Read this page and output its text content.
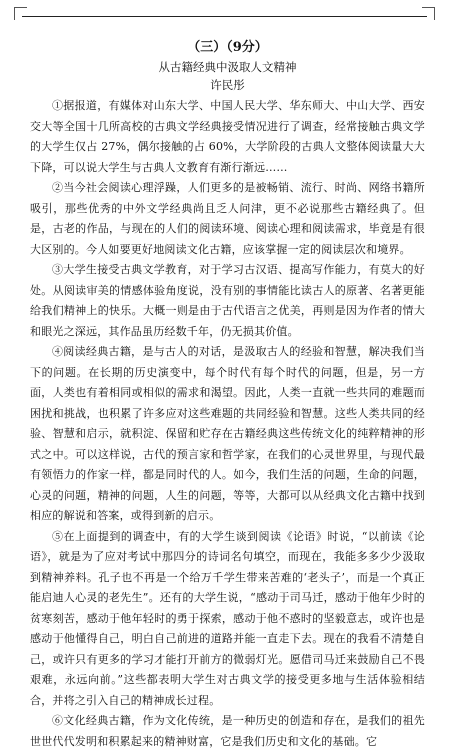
（三）（9分）

从古籍经典中汲取人文精神

许民彤

①据报道，有媒体对山东大学、中国人民大学、华东师大、中山大学、西安交大等全国十几所高校的古典文学经典接受情况进行了调查，经常接触古典文学的大学生仅占 27%，偶尔接触的占 60%，大学阶段的古典人文整体阅读量大大下降，可以说大学生与古典人文教育有渐行渐远……

②当今社会阅读心理浮躁，人们更多的是被畅销、流行、时尚、网络书籍所吸引，那些优秀的中外文学经典尚且乏人问津，更不必说那些古籍经典了。但是，古老的作品，与现在的人们的阅读环境、阅读心理和阅读需求，毕竟是有很大区别的。今人如要更好地阅读文化古籍，应该掌握一定的阅读层次和境界。

③大学生接受古典文学教育，对于学习古汉语、提高写作能力，有莫大的好处。从阅读审美的情感体验角度说，没有别的事情能比读古人的原著、名著更能给我们精神上的快乐。大概一则是由于古代语言之优美，再则是因为作者的情大和眼光之深远，其作品虽历经数千年，仍无损其价值。

④阅读经典古籍，是与古人的对话，是汲取古人的经验和智慧，解决我们当下的问题。在长期的历史演变中，每个时代有每个时代的问题，但是，另一方面，人类也有着相同或相似的需求和渴望。因此，人类一直就一些共同的难题而困扰和挑战，也积累了许多应对这些难题的共同经验和智慧。这些人类共同的经验、智慧和启示，就积淀、保留和贮存在古籍经典这些传统文化的纯粹精神的形式之中。可以这样说，古代的预言家和哲学家，在我们的心灵世界里，与现代最有领悟力的作家一样，都是同时代的人。如今，我们生活的问题，生命的问题，心灵的问题，精神的问题，人生的问题，等等，大都可以从经典文化古籍中找到相应的解说和答案，或得到新的启示。

⑤在上面提到的调查中，有的大学生谈到阅读《论语》时说，“以前读《论语》，就是为了应对考试中那四分的诗词名句填空，而现在，我能多多少少汲取到精神养料。孔子也不再是一个给万千学生带来苦难的‘老头子’，而是一个真正能启迪人心灵的老先生”。还有的大学生说，“感动于司马迁，感动于他年少时的贫寒刻苦，感动于他年轻时的勇于探索，感动于他不惑时的坚毅意志，或许也是感动于他懂得自己，明白自己前进的道路并能一直走下去。现在的我看不清楚自己，或许只有更多的学习才能打开前方的微弱灯光。愿借司马迁来鼓励自己不畏艰难，永远向前。”这些都表明大学生对古典文学的接受更多地与生活体验相结合，并将之引入自己的精神成长过程。

⑥文化经典古籍，作为文化传统，是一种历史的创造和存在，是我们的祖先世世代代发明和积累起来的精神财富，它是我们历史和文化的基础。它
